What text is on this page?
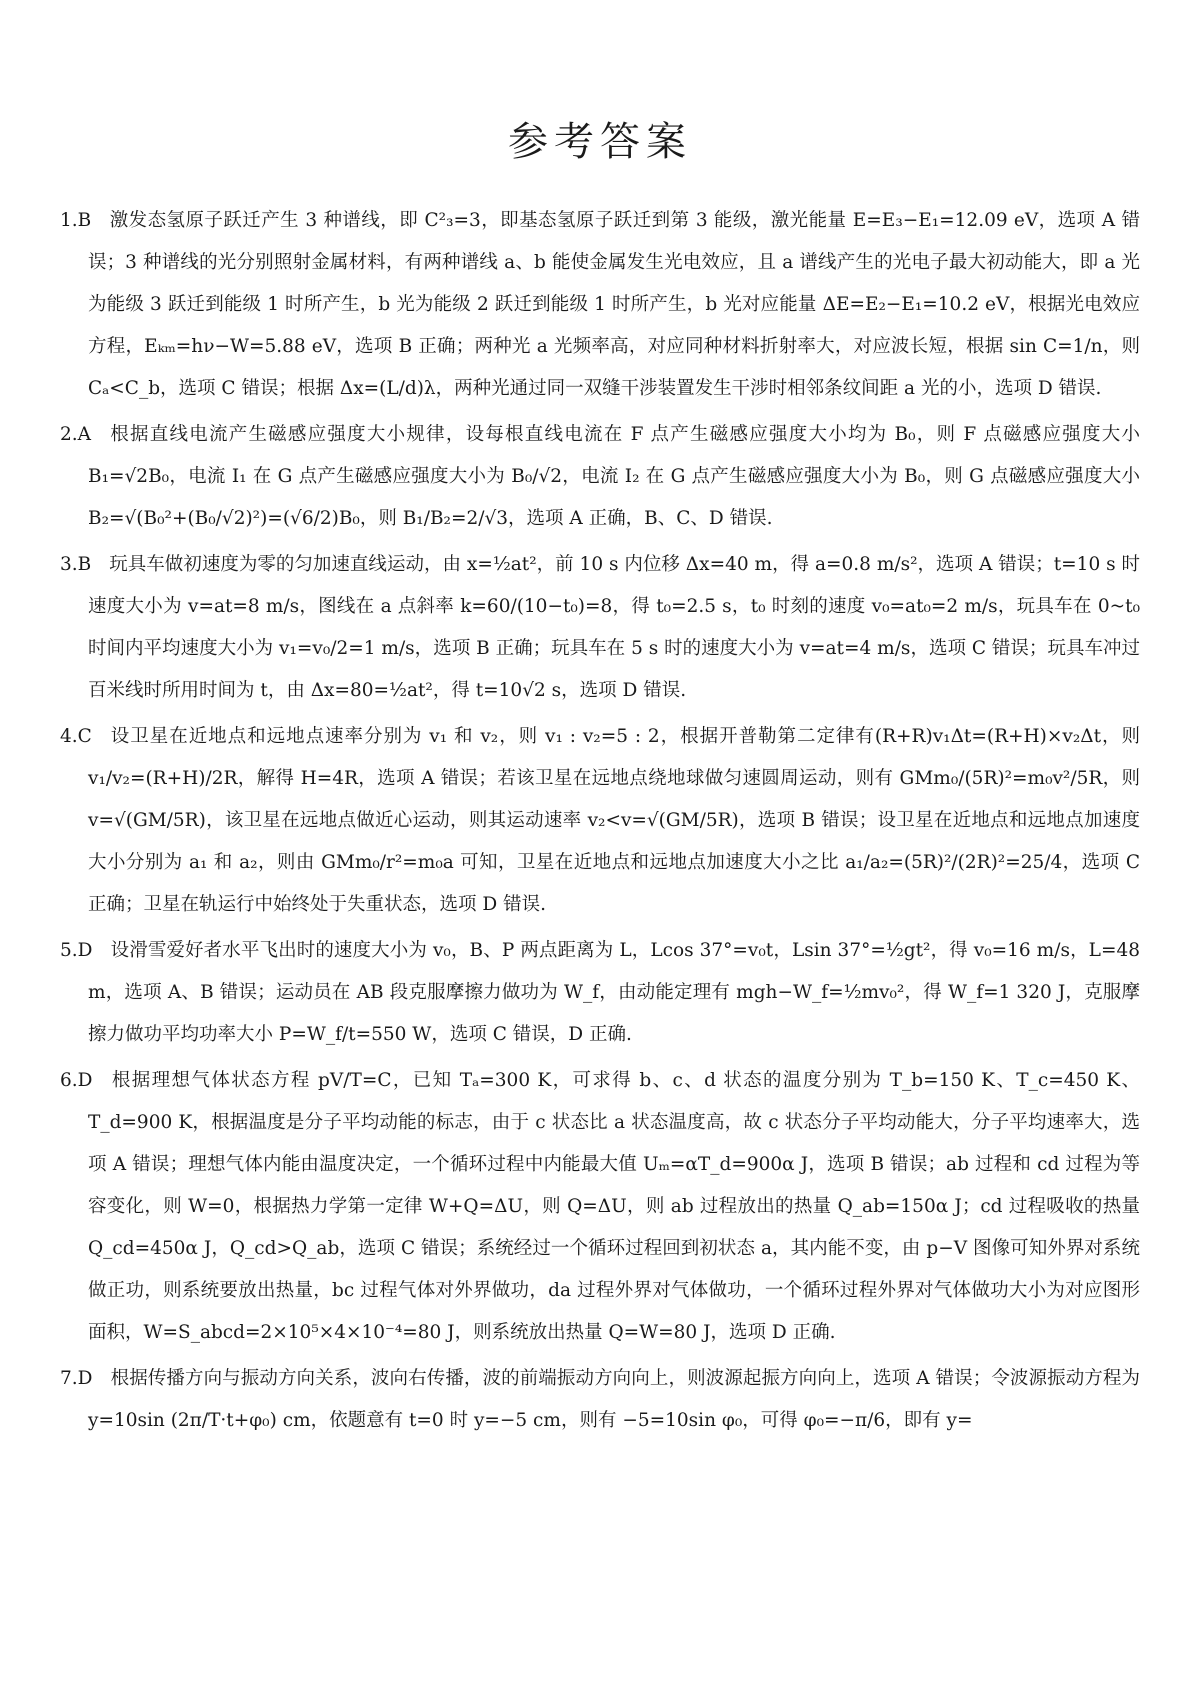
参考答案

1.B 激发态氢原子跃迁产生 3 种谱线，即 C²₃=3，即基态氢原子跃迁到第 3 能级，激光能量 E=E₃−E₁=12.09 eV，选项 A 错误；3 种谱线的光分别照射金属材料，有两种谱线 a、b 能使金属发生光电效应，且 a 谱线产生的光电子最大初动能大，即 a 光为能级 3 跃迁到能级 1 时所产生，b 光为能级 2 跃迁到能级 1 时所产生，b 光对应能量 ΔE=E₂−E₁=10.2 eV，根据光电效应方程，Eₖₘ=hν−W=5.88 eV，选项 B 正确；两种光 a 光频率高，对应同种材料折射率大，对应波长短，根据 sin C=1/n，则 Cₐ<C_b，选项 C 错误；根据 Δx=(L/d)λ，两种光通过同一双缝干涉装置发生干涉时相邻条纹间距 a 光的小，选项 D 错误.

2.A 根据直线电流产生磁感应强度大小规律，设每根直线电流在 F 点产生磁感应强度大小均为 B₀，则 F 点磁感应强度大小 B₁=√2B₀，电流 I₁ 在 G 点产生磁感应强度大小为 B₀/√2，电流 I₂ 在 G 点产生磁感应强度大小为 B₀，则 G 点磁感应强度大小 B₂=√(B₀²+(B₀/√2)²)=(√6/2)B₀，则 B₁/B₂=2/√3，选项 A 正确，B、C、D 错误.

3.B 玩具车做初速度为零的匀加速直线运动，由 x=½at²，前 10 s 内位移 Δx=40 m，得 a=0.8 m/s²，选项 A 错误；t=10 s 时速度大小为 v=at=8 m/s，图线在 a 点斜率 k=60/(10−t₀)=8，得 t₀=2.5 s，t₀ 时刻的速度 v₀=at₀=2 m/s，玩具车在 0~t₀ 时间内平均速度大小为 v₁=v₀/2=1 m/s，选项 B 正确；玩具车在 5 s 时的速度大小为 v=at=4 m/s，选项 C 错误；玩具车冲过百米线时所用时间为 t，由 Δx=80=½at²，得 t=10√2 s，选项 D 错误.

4.C 设卫星在近地点和远地点速率分别为 v₁ 和 v₂，则 v₁ : v₂=5 : 2，根据开普勒第二定律有(R+R)v₁Δt=(R+H)×v₂Δt，则 v₁/v₂=(R+H)/2R，解得 H=4R，选项 A 错误；若该卫星在远地点绕地球做匀速圆周运动，则有 GMm₀/(5R)²=m₀v²/5R，则 v=√(GM/5R)，该卫星在远地点做近心运动，则其运动速率 v₂<v=√(GM/5R)，选项 B 错误；设卫星在近地点和远地点加速度大小分别为 a₁ 和 a₂，则由 GMm₀/r²=m₀a 可知，卫星在近地点和远地点加速度大小之比 a₁/a₂=(5R)²/(2R)²=25/4，选项 C 正确；卫星在轨运行中始终处于失重状态，选项 D 错误.

5.D 设滑雪爱好者水平飞出时的速度大小为 v₀，B、P 两点距离为 L，Lcos 37°=v₀t，Lsin 37°=½gt²，得 v₀=16 m/s，L=48 m，选项 A、B 错误；运动员在 AB 段克服摩擦力做功为 W_f，由动能定理有 mgh−W_f=½mv₀²，得 W_f=1 320 J，克服摩擦力做功平均功率大小 P=W_f/t=550 W，选项 C 错误，D 正确.

6.D 根据理想气体状态方程 pV/T=C，已知 Tₐ=300 K，可求得 b、c、d 状态的温度分别为 T_b=150 K、T_c=450 K、T_d=900 K，根据温度是分子平均动能的标志，由于 c 状态比 a 状态温度高，故 c 状态分子平均动能大，分子平均速率大，选项 A 错误；理想气体内能由温度决定，一个循环过程中内能最大值 Uₘ=αT_d=900α J，选项 B 错误；ab 过程和 cd 过程为等容变化，则 W=0，根据热力学第一定律 W+Q=ΔU，则 Q=ΔU，则 ab 过程放出的热量 Q_ab=150α J；cd 过程吸收的热量 Q_cd=450α J，Q_cd>Q_ab，选项 C 错误；系统经过一个循环过程回到初状态 a，其内能不变，由 p−V 图像可知外界对系统做正功，则系统要放出热量，bc 过程气体对外界做功，da 过程外界对气体做功，一个循环过程外界对气体做功大小为对应图形面积，W=S_abcd=2×10⁵×4×10⁻⁴=80 J，则系统放出热量 Q=W=80 J，选项 D 正确.

7.D 根据传播方向与振动方向关系，波向右传播，波的前端振动方向向上，则波源起振方向向上，选项 A 错误；令波源振动方程为 y=10sin (2π/T·t+φ₀) cm，依题意有 t=0 时 y=−5 cm，则有 −5=10sin φ₀，可得 φ₀=−π/6，即有 y=
